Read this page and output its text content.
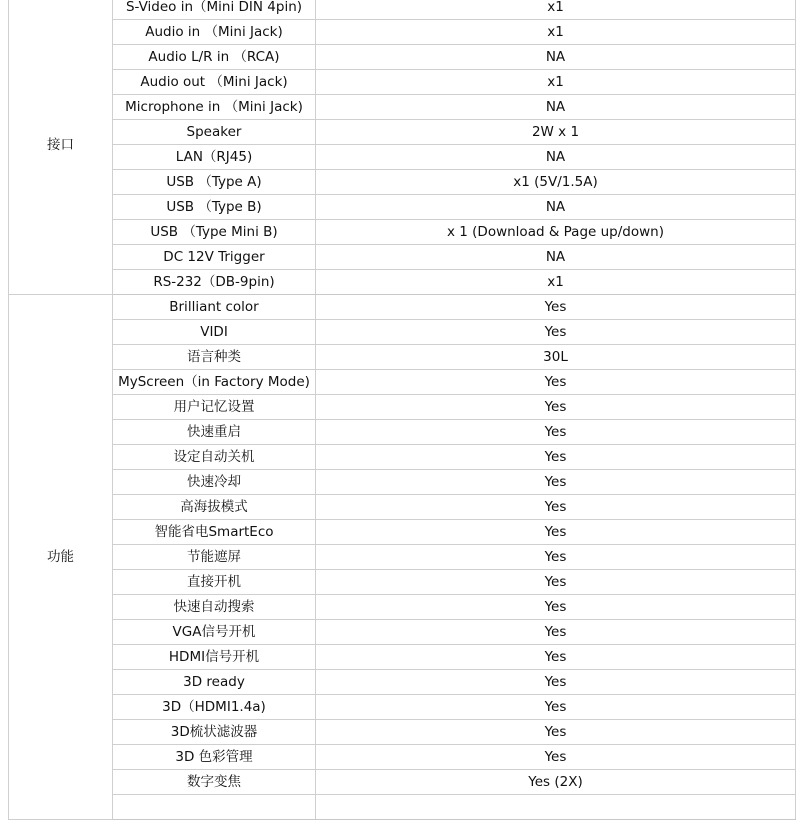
接口	S-Video in（Mini DIN 4pin)	x1
	Audio in （Mini Jack)	x1
	Audio L/R in （RCA)	NA
	Audio out （Mini Jack)	x1
	Microphone in （Mini Jack)	NA
	Speaker	2W x 1
	LAN（RJ45)	NA
	USB （Type A)	x1 (5V/1.5A)
	USB （Type B)	NA
	USB （Type Mini B)	x 1 (Download & Page up/down)
	DC 12V Trigger	NA
	RS-232（DB-9pin)	x1
功能	Brilliant color	Yes
	VIDI	Yes
	语言种类	30L
	MyScreen（in Factory Mode)	Yes
	用户记忆设置	Yes
	快速重启	Yes
	设定自动关机	Yes
	快速冷却	Yes
	高海拔模式	Yes
	智能省电SmartEco	Yes
	节能遮屏	Yes
	直接开机	Yes
	快速自动搜索	Yes
	VGA信号开机	Yes
	HDMI信号开机	Yes
	3D ready	Yes
	3D（HDMI1.4a)	Yes
	3D梳状滤波器	Yes
	3D 色彩管理	Yes
	数字变焦	Yes (2X)
